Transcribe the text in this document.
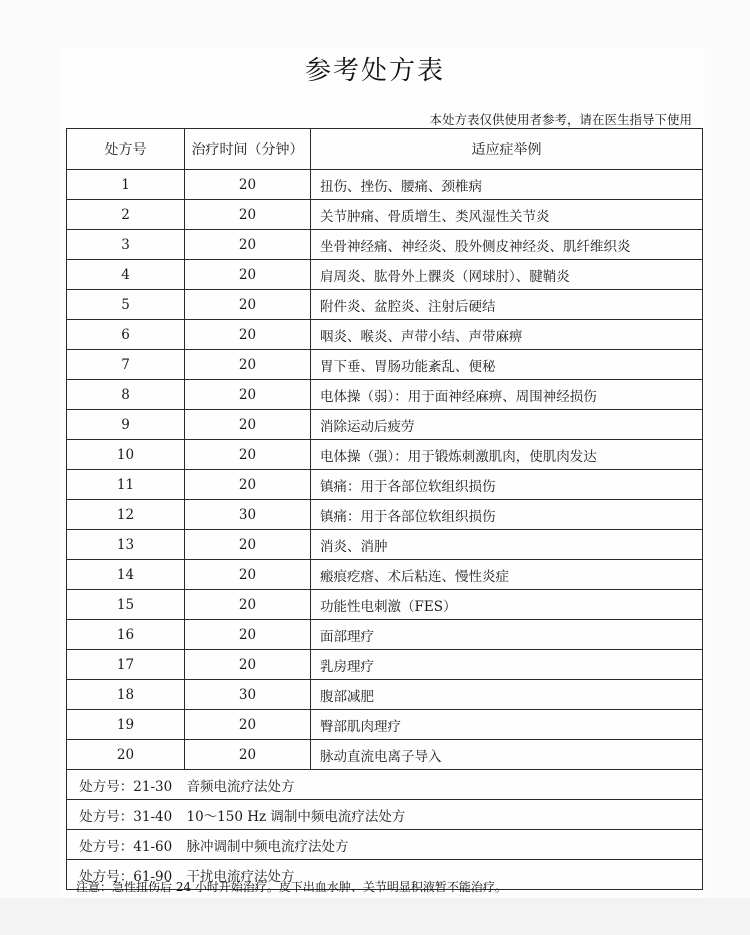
参考处方表
本处方表仅供使用者参考，请在医生指导下使用
处方号	治疗时间（分钟）	适应症举例
1	20	扭伤、挫伤、腰痛、颈椎病
2	20	关节肿痛、骨质增生、类风湿性关节炎
3	20	坐骨神经痛、神经炎、股外侧皮神经炎、肌纤维织炎
4	20	肩周炎、肱骨外上髁炎（网球肘）、腱鞘炎
5	20	附件炎、盆腔炎、注射后硬结
6	20	咽炎、喉炎、声带小结、声带麻痹
7	20	胃下垂、胃肠功能紊乱、便秘
8	20	电体操（弱）：用于面神经麻痹、周围神经损伤
9	20	消除运动后疲劳
10	20	电体操（强）：用于锻炼刺激肌肉，使肌肉发达
11	20	镇痛：用于各部位软组织损伤
12	30	镇痛：用于各部位软组织损伤
13	20	消炎、消肿
14	20	瘢痕疙瘩、术后粘连、慢性炎症
15	20	功能性电刺激（FES）
16	20	面部理疗
17	20	乳房理疗
18	30	腹部减肥
19	20	臀部肌肉理疗
20	20	脉动直流电离子导入
处方号：21-30	音频电流疗法处方	
处方号：31-40	10～150 Hz 调制中频电流疗法处方	
处方号：41-60	脉冲调制中频电流疗法处方	
处方号：61-90	干扰电流疗法处方	
注意：急性扭伤后 24 小时开始治疗。皮下出血水肿、关节明显积液暂不能治疗。
